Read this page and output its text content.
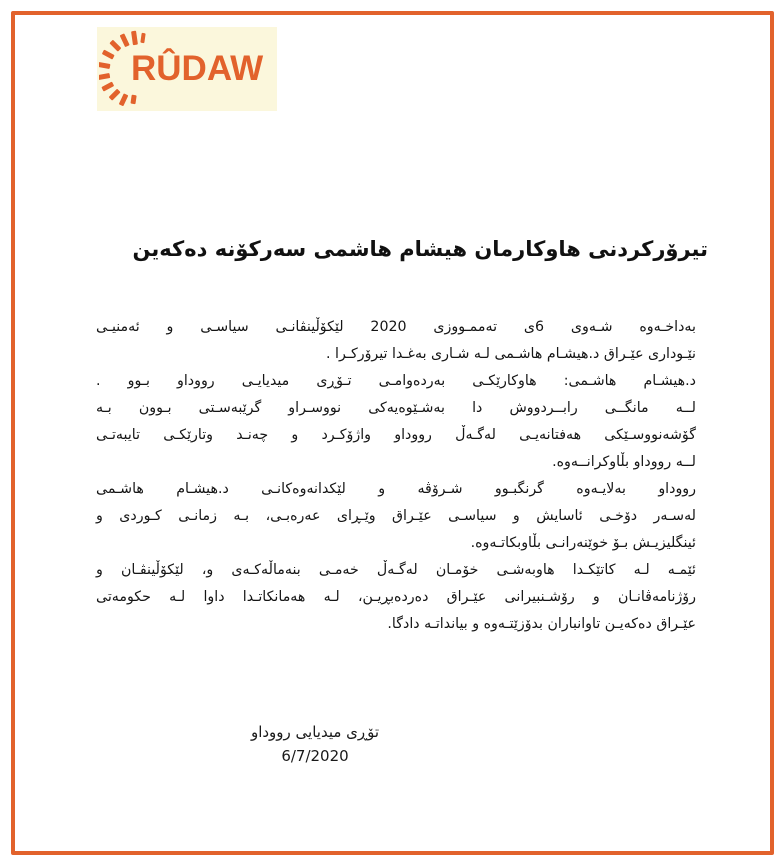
RÛDAW
تیرۆرکردنی هاوکارمان هیشام هاشمی سەرکۆنە دەکەین
بەداخـەوە شـەوی 6ی تەممـووزی 2020 لێکۆڵینڤانـی سیاسـی و ئەمنیـی
نێـوداری عێـراق د.هیشـام هاشـمی لـە شـاری بەغـدا تیرۆرکـرا .
د.هیشـام هاشـمی: هاوکارێکـی بەردەوامـی تـۆڕی میدیایـی رووداو بـوو .
لــە مانگــی رابــردووش دا بەشـێوەیەکی نووسـراو گرێبەسـتی بـوون بـە
گۆشەنووسـێکی هەفتانەیـی لەگـەڵ رووداو واژۆکـرد و چەنـد وتارێکـی تایبەتـی
لــە رووداو بڵاوکرانــەوە.
رووداو بەلایـەوە گرنگبـوو شـرۆڤە و لێکدانەوەکانـی د.هیشـام هاشـمی
لەسـەر دۆخـی ئاسایش و سیاسـی عێـراق وێـڕای عەرەبـی، بـە زمانـی کـوردی و
ئینگلیزیـش بـۆ خوێنەرانـی بڵاوبکاتـەوە.
ئێمـە لـە کاتێکـدا هاوبەشـی خۆمـان لەگـەڵ خەمـی بنەماڵەکـەی و، لێکۆڵینڤـان و
رۆژنامەڤانـان و رۆشـنبیرانی عێـراق دەردەبڕیـن، لـە هەمانکاتـدا داوا لـە حکومەتی
عێـراق دەکەیـن تاوانباران بدۆزێتـەوە و بیانداتـە دادگا.
تۆڕی میدیایی رووداو
6/7/2020
